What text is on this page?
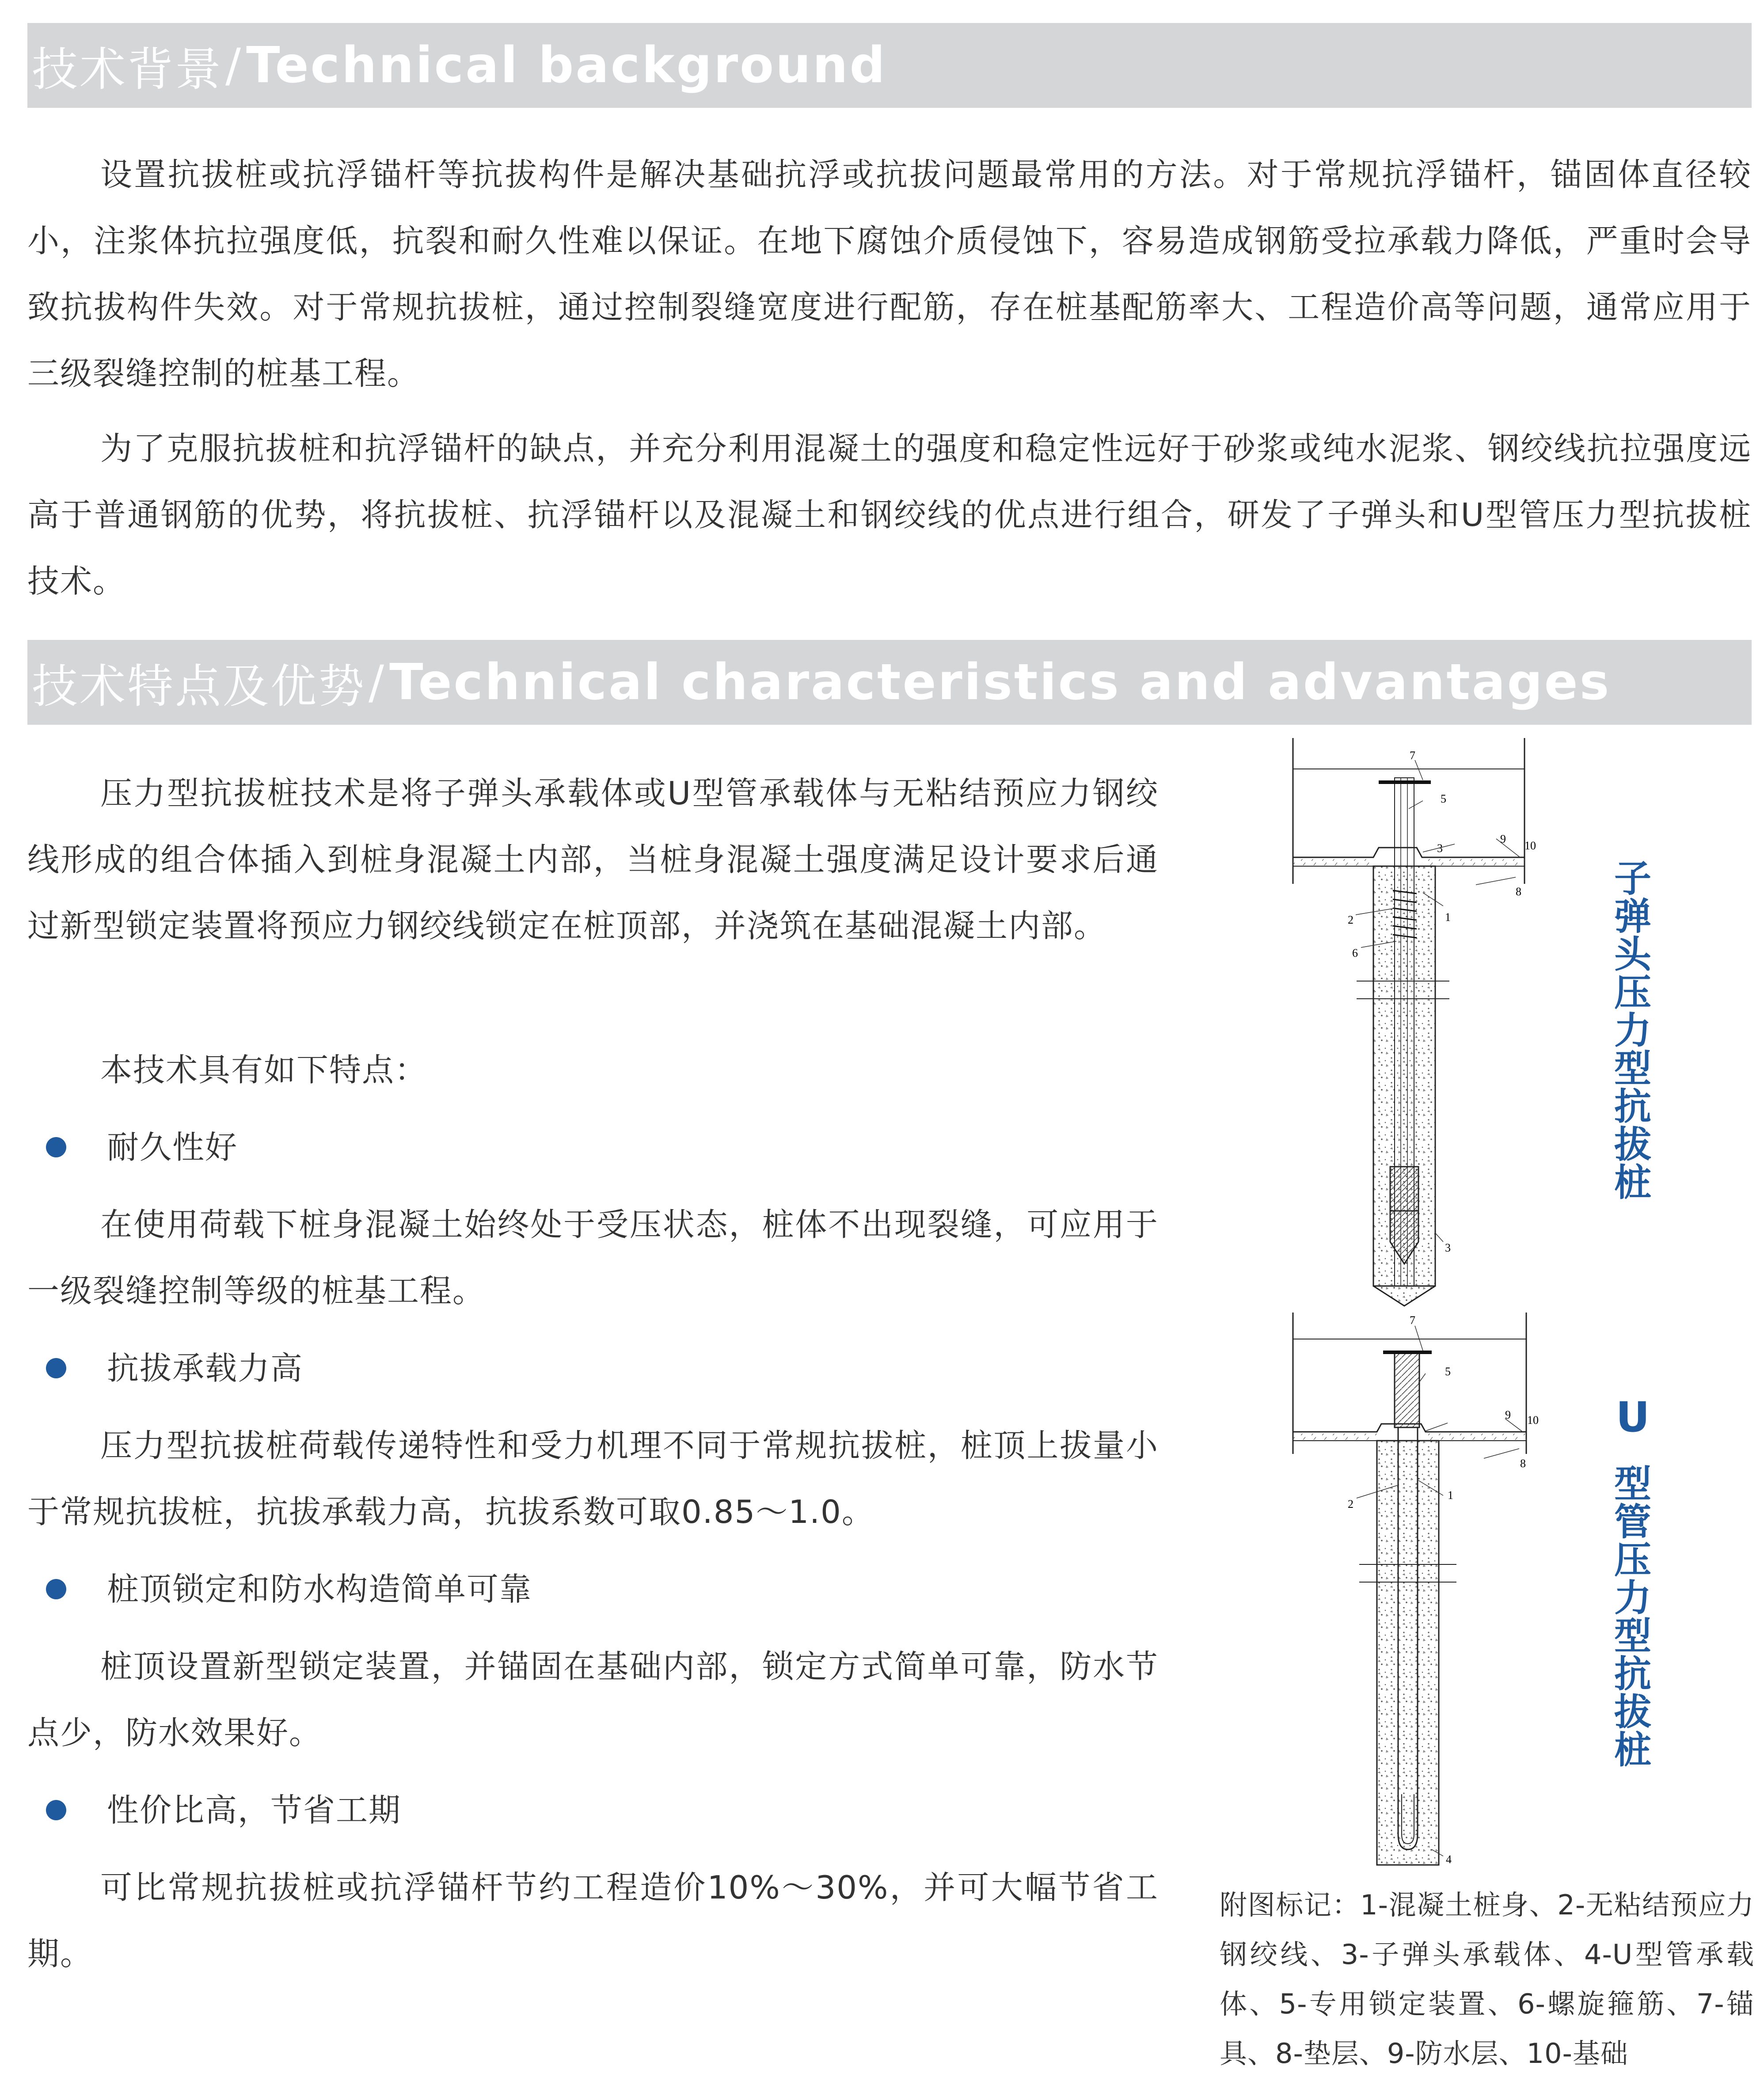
技术背景 / Technical background

设置抗拔桩或抗浮锚杆等抗拔构件是解决基础抗浮或抗拔问题最常用的方法。对于常规抗浮锚杆，锚固体直径较小，注浆体抗拉强度低，抗裂和耐久性难以保证。在地下腐蚀介质侵蚀下，容易造成钢筋受拉承载力降低，严重时会导致抗拔构件失效。对于常规抗拔桩，通过控制裂缝宽度进行配筋，存在桩基配筋率大、工程造价高等问题，通常应用于三级裂缝控制的桩基工程。

为了克服抗拔桩和抗浮锚杆的缺点，并充分利用混凝土的强度和稳定性远好于砂浆或纯水泥浆、钢绞线抗拉强度远高于普通钢筋的优势，将抗拔桩、抗浮锚杆以及混凝土和钢绞线的优点进行组合，研发了子弹头和U型管压力型抗拔桩技术。

技术特点及优势 / Technical characteristics and advantages

压力型抗拔桩技术是将子弹头承载体或U型管承载体与无粘结预应力钢绞线形成的组合体插入到桩身混凝土内部，当桩身混凝土强度满足设计要求后通过新型锁定装置将预应力钢绞线锁定在桩顶部，并浇筑在基础混凝土内部。

本技术具有如下特点：

耐久性好

在使用荷载下桩身混凝土始终处于受压状态，桩体不出现裂缝，可应用于一级裂缝控制等级的桩基工程。

抗拔承载力高

压力型抗拔桩荷载传递特性和受力机理不同于常规抗拔桩，桩顶上拔量小于常规抗拔桩，抗拔承载力高，抗拔系数可取0.85～1.0。

桩顶锁定和防水构造简单可靠

桩顶设置新型锁定装置，并锚固在基础内部，锁定方式简单可靠，防水节点少，防水效果好。

性价比高，节省工期

可比常规抗拔桩或抗浮锚杆节约工程造价10%～30%，并可大幅节省工期。

7
5
9
10
8
3
2	1
6
3
子弹头压力型抗拔桩
7
5
9 10
8
2
1
4
U
型管压力型抗拔桩

附图标记：1-混凝土桩身、2-无粘结预应力钢绞线、3-子弹头承载体、4-U型管承载体、5-专用锁定装置、6-螺旋箍筋、7-锚具、8-垫层、9-防水层、10-基础
